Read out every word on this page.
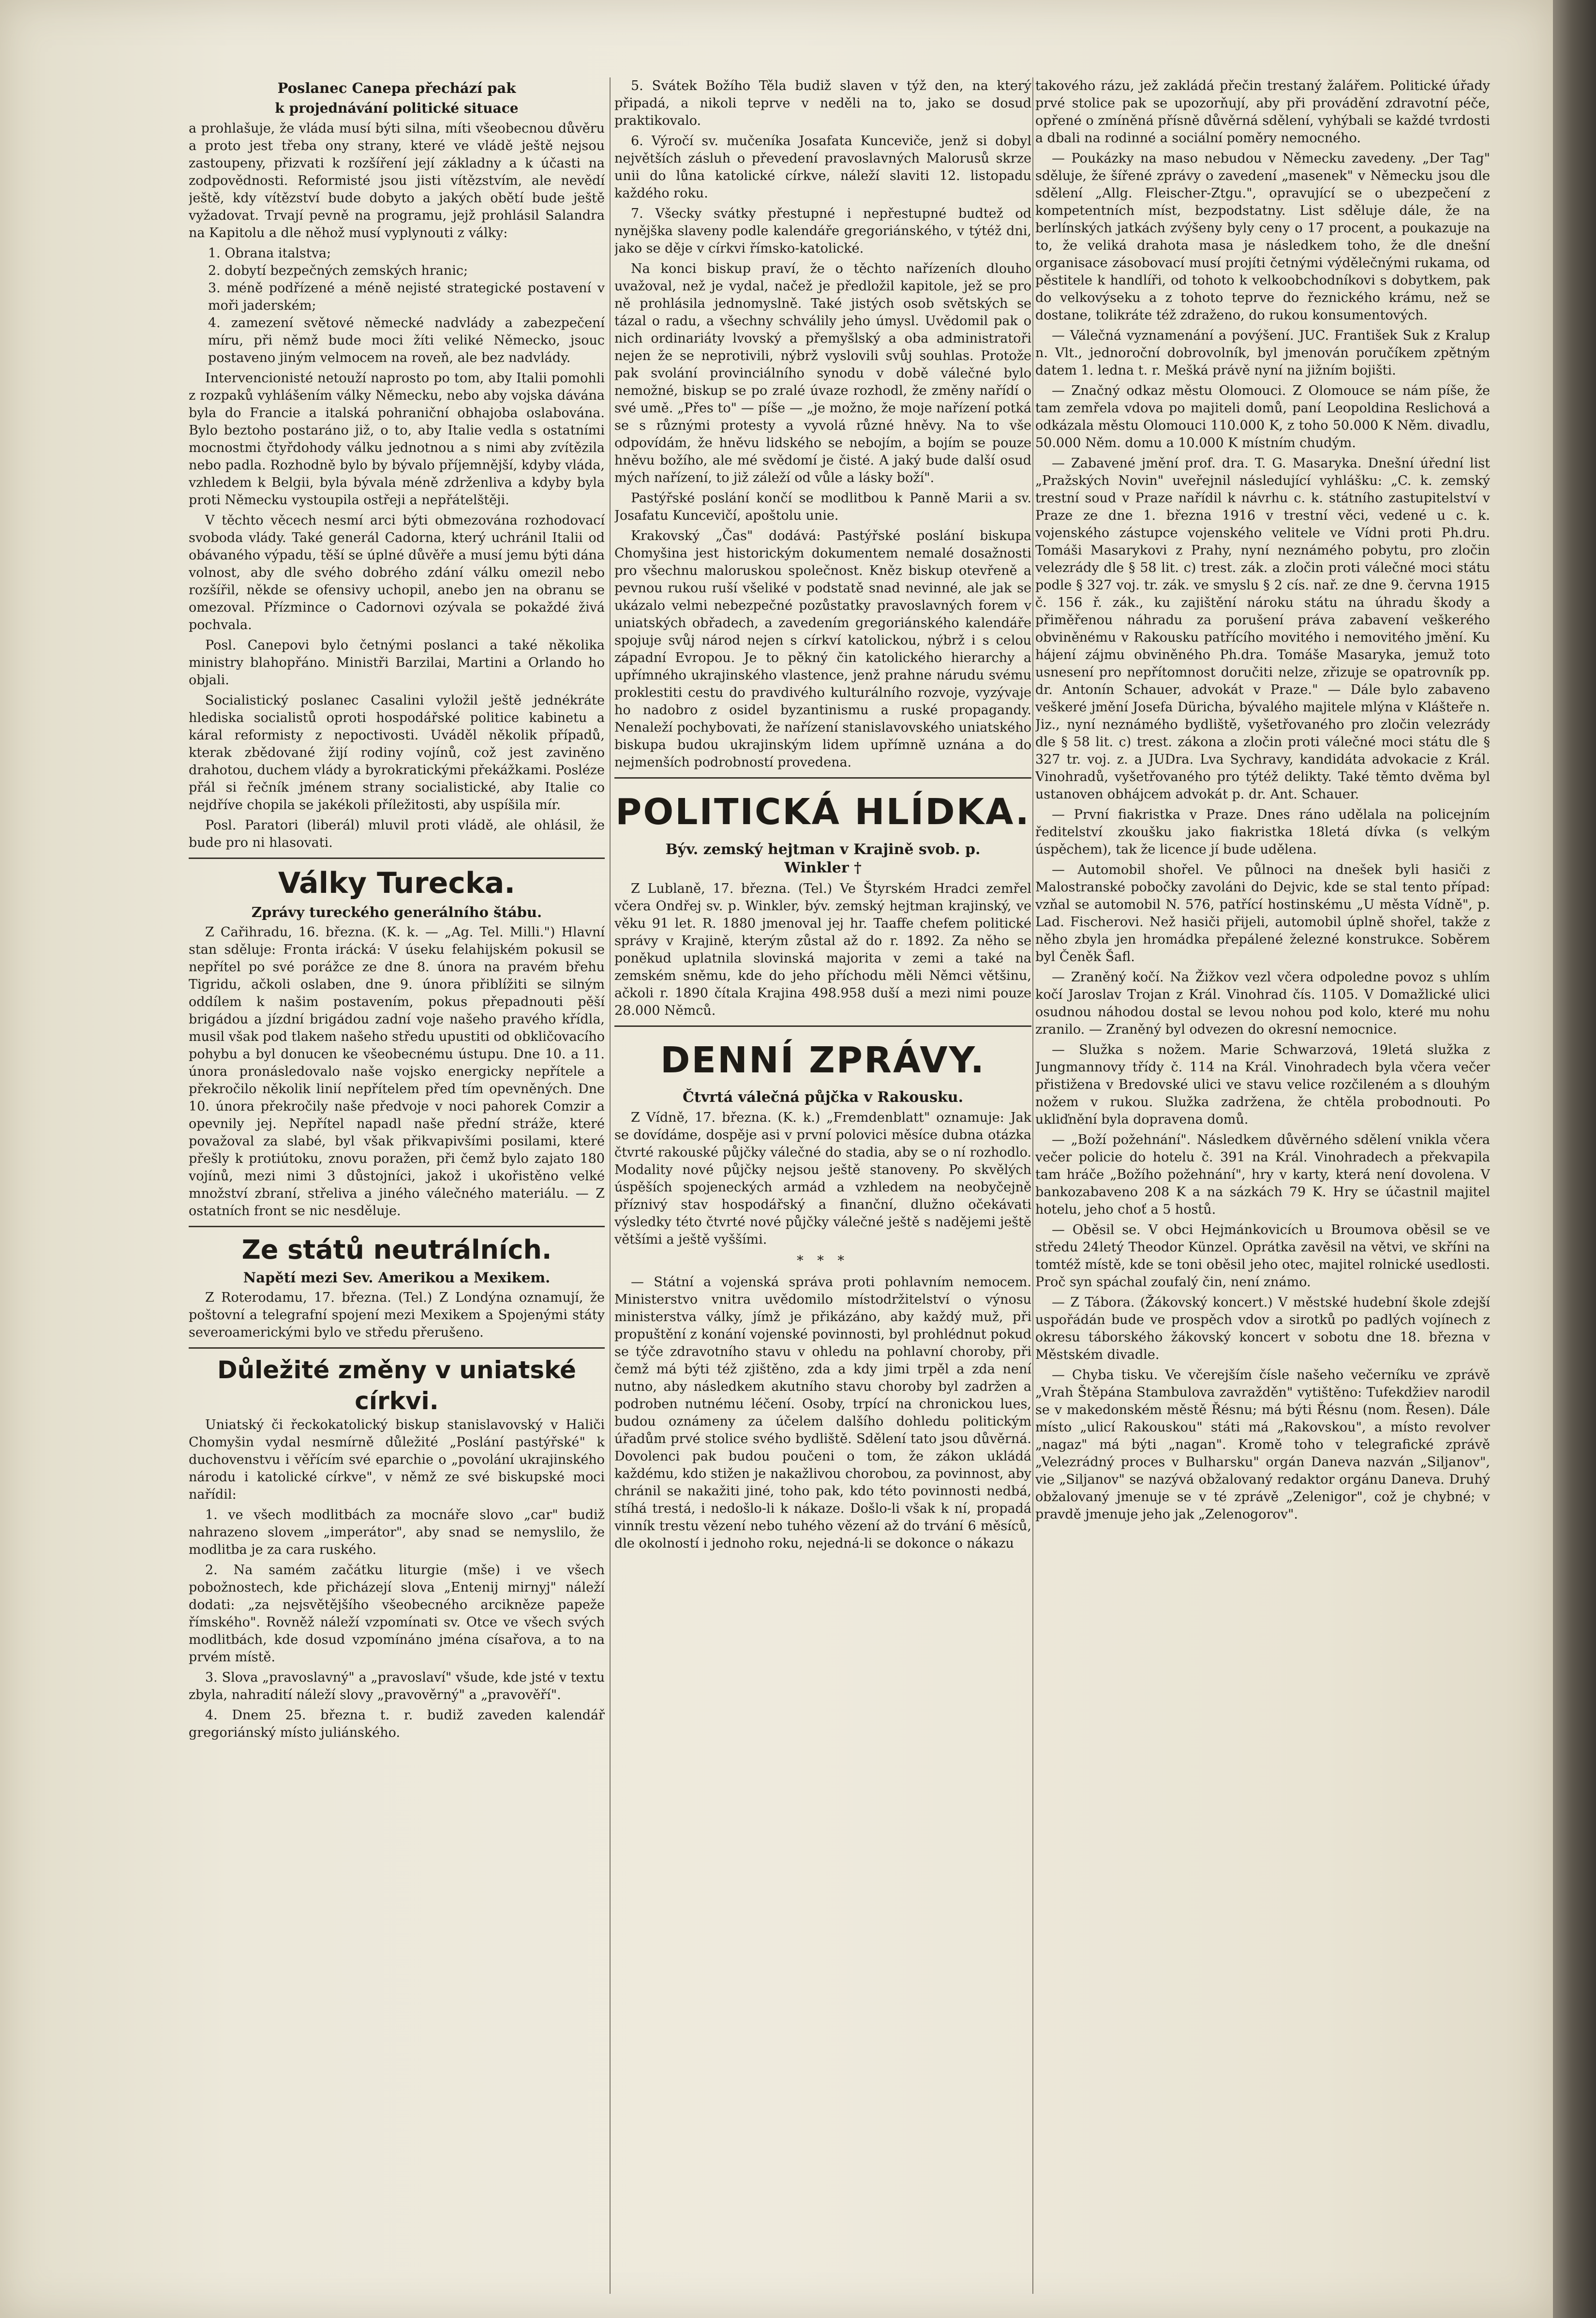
Poslanec Canepa přechází pak

k projednávání politické situace

a prohlašuje, že vláda musí býti silna, míti všeobecnou důvěru a proto jest třeba ony strany, které ve vládě ještě nejsou zastoupeny, přizvati k rozšíření její základny a k účasti na zodpovědnosti. Reformisté jsou jisti vítězstvím, ale nevědí ještě, kdy vítězství bude dobyto a jakých obětí bude ještě vyžadovat. Trvají pevně na programu, jejž prohlásil Salandra na Kapitolu a dle něhož musí vyplynouti z války:

1. Obrana italstva;
2. dobytí bezpečných zemských hranic;
3. méně podřízené a méně nejisté strategické postavení v moři jaderském;
4. zamezení světové německé nadvlády a zabezpečení míru, při němž bude moci žíti veliké Německo, jsouc postaveno jiným velmocem na roveň, ale bez nadvlády.

Intervencionisté netouží naprosto po tom, aby Italii pomohli z rozpaků vyhlášením války Německu, nebo aby vojska dávána byla do Francie a italská pohraniční obhajoba oslabována. Bylo beztoho postaráno již, o to, aby Italie vedla s ostatními mocnostmi čtyřdohody válku jednotnou a s nimi aby zvítězila nebo padla. Rozhodně bylo by bývalo příjemnější, kdyby vláda, vzhledem k Belgii, byla bývala méně zdrženliva a kdyby byla proti Německu vystoupila ostřeji a nepřátelštěji.

V těchto věcech nesmí arci býti obmezována rozhodovací svoboda vlády. Také generál Cadorna, který uchránil Italii od obávaného výpadu, těší se úplné důvěře a musí jemu býti dána volnost, aby dle svého dobrého zdání válku omezil nebo rozšířil, někde se ofensivy uchopil, anebo jen na obranu se omezoval. Přízmince o Cadornovi ozývala se pokaždé živá pochvala.

Posl. Canepovi bylo četnými poslanci a také několika ministry blahopřáno. Ministři Barzilai, Martini a Orlando ho objali.

Socialistický poslanec Casalini vyložil ještě jednékráte hlediska socialistů oproti hospodářské politice kabinetu a káral reformisty z nepoctivosti. Uváděl několik případů, kterak zbědované žijí rodiny vojínů, což jest zaviněno drahotou, duchem vlády a byrokratickými překážkami. Posléze přál si řečník jménem strany socialistické, aby Italie co nejdříve chopila se jakékoli příležitosti, aby uspíšila mír.

Posl. Paratori (liberál) mluvil proti vládě, ale ohlásil, že bude pro ni hlasovati.

Války Turecka.

Zprávy tureckého generálního štábu.

Z Cařihradu, 16. března. (K. k. — „Ag. Tel. Milli.") Hlavní stan sděluje: Fronta irácká: V úseku felahijském pokusil se nepřítel po své porážce ze dne 8. února na pravém břehu Tigridu, ačkoli oslaben, dne 9. února přiblížiti se silným oddílem k našim postavením, pokus přepadnouti pěší brigádou a jízdní brigádou zadní voje našeho pravého křídla, musil však pod tlakem našeho středu upustiti od obkličovacího pohybu a byl donucen ke všeobecnému ústupu. Dne 10. a 11. února pronásledovalo naše vojsko energicky nepřítele a překročilo několik linií nepřítelem před tím opevněných. Dne 10. února překročily naše předvoje v noci pahorek Comzir a opevnily jej. Nepřítel napadl naše přední stráže, které považoval za slabé, byl však přikvapivšími posilami, které přešly k protiútoku, znovu poražen, při čemž bylo zajato 180 vojínů, mezi nimi 3 důstojníci, jakož i ukořistěno velké množství zbraní, střeliva a jiného válečného materiálu. — Z ostatních front se nic nesděluje.

Ze států neutrálních.

Napětí mezi Sev. Amerikou a Mexikem.

Z Roterodamu, 17. března. (Tel.) Z Londýna oznamují, že poštovní a telegrafní spojení mezi Mexikem a Spojenými státy severoamerickými bylo ve středu přerušeno.

Důležité změny v uniatské církvi.

Uniatský či řeckokatolický biskup stanislavovský v Haliči Chomyšin vydal nesmírně důležité „Poslání pastýřské" k duchovenstvu i věřícím své eparchie o „povolání ukrajinského národu i katolické církve", v němž ze své biskupské moci nařídil:

1. ve všech modlitbách za mocnáře slovo „car" budiž nahrazeno slovem „imperátor", aby snad se nemyslilo, že modlitba je za cara ruského.

2. Na samém začátku liturgie (mše) i ve všech pobožnostech, kde přicházejí slova „Entenij mirnyj" náleží dodati: „za nejsvětějšího všeobecného arcikněze papeže římského". Rovněž náleží vzpomínati sv. Otce ve všech svých modlitbách, kde dosud vzpomínáno jména císařova, a to na prvém místě.

3. Slova „pravoslavný" a „pravoslaví" všude, kde jsté v textu zbyla, nahradití náleží slovy „pravověrný" a „pravověří".

4. Dnem 25. března t. r. budiž zaveden kalendář gregoriánský místo juliánského.

5. Svátek Božího Těla budiž slaven v týž den, na který připadá, a nikoli teprve v neděli na to, jako se dosud praktikovalo.

6. Výročí sv. mučeníka Josafata Kunceviče, jenž si dobyl největších zásluh o převedení pravoslavných Malorusů skrze unii do lůna katolické církve, náleží slaviti 12. listopadu každého roku.

7. Všecky svátky přestupné i nepřestupné budtež od nynějška slaveny podle kalendáře gregoriánského, v týtéž dni, jako se děje v církvi římsko-katolické.

Na konci biskup praví, že o těchto nařízeních dlouho uvažoval, než je vydal, načež je předložil kapitole, jež se pro ně prohlásila jednomyslně. Také jistých osob světských se tázal o radu, a všechny schválily jeho úmysl. Uvědomil pak o nich ordinariáty lvovský a přemyšlský a oba administratoři nejen že se neprotivili, nýbrž vyslovili svůj souhlas. Protože pak svolání provinciálního synodu v době válečné bylo nemožné, biskup se po zralé úvaze rozhodl, že změny nařídí o své umě. „Přes to" — píše — „je možno, že moje nařízení potká se s různými protesty a vyvolá různé hněvy. Na to vše odpovídám, že hněvu lidského se nebojím, a bojím se pouze hněvu božího, ale mé svědomí je čisté. A jaký bude další osud mých nařízení, to již záleží od vůle a lásky boží".

Pastýřské poslání končí se modlitbou k Panně Marii a sv. Josafatu Kuncevičí, apoštolu unie.

Krakovský „Čas" dodává: Pastýřské poslání biskupa Chomyšina jest historickým dokumentem nemalé dosažnosti pro všechnu maloruskou společnost. Kněz biskup otevřeně a pevnou rukou ruší všeliké v podstatě snad nevinné, ale jak se ukázalo velmi nebezpečné pozůstatky pravoslavných forem v uniatských obřadech, a zavedením gregoriánského kalendáře spojuje svůj národ nejen s církví katolickou, nýbrž i s celou západní Evropou. Je to pěkný čin katolického hierarchy a upřímného ukrajinského vlastence, jenž prahne nárudu svému proklestiti cestu do pravdivého kulturálního rozvoje, vyzývaje ho nadobro z osidel byzantinismu a ruské propagandy. Nenaleží pochybovati, že nařízení stanislavovského uniatského biskupa budou ukrajinským lidem upřímně uznána a do nejmenších podrobností provedena.

POLITICKÁ HLÍDKA.

Býv. zemský hejtman v Krajině svob. p. Winkler †

Z Lublaně, 17. března. (Tel.) Ve Štyrském Hradci zemřel včera Ondřej sv. p. Winkler, býv. zemský hejtman krajinský, ve věku 91 let. R. 1880 jmenoval jej hr. Taaffe chefem politické správy v Krajině, kterým zůstal až do r. 1892. Za něho se poněkud uplatnila slovinská majorita v zemi a také na zemském sněmu, kde do jeho příchodu měli Němci většinu, ačkoli r. 1890 čítala Krajina 498.958 duší a mezi nimi pouze 28.000 Němců.

DENNÍ ZPRÁVY.

Čtvrtá válečná půjčka v Rakousku.

Z Vídně, 17. března. (K. k.) „Fremdenblatt" oznamuje: Jak se dovídáme, dospěje asi v první polovici měsíce dubna otázka čtvrté rakouské půjčky válečné do stadia, aby se o ní rozhodlo. Modality nové půjčky nejsou ještě stanoveny. Po skvělých úspěších spojeneckých armád a vzhledem na neobyčejně příznivý stav hospodářský a finanční, dlužno očekávati výsledky této čtvrté nové půjčky válečné ještě s nadějemi ještě většími a ještě vyššími.

* * *

— Státní a vojenská správa proti pohlavním nemocem. Ministerstvo vnitra uvědomilo místodržitelství o výnosu ministerstva války, jímž je přikázáno, aby každý muž, při propuštění z konání vojenské povinnosti, byl prohlédnut pokud se týče zdravotního stavu v ohledu na pohlavní choroby, při čemž má býti též zjištěno, zda a kdy jimi trpěl a zda není nutno, aby následkem akutního stavu choroby byl zadržen a podroben nutnému léčení. Osoby, trpící na chronickou lues, budou oznámeny za účelem dalšího dohledu politickým úřadům prvé stolice svého bydliště. Sdělení tato jsou důvěrná. Dovolenci pak budou poučeni o tom, že zákon ukládá každému, kdo stižen je nakažlivou chorobou, za povinnost, aby chránil se nakažiti jiné, toho pak, kdo této povinnosti nedbá, stíhá trestá, i nedošlo-li k nákaze. Došlo-li však k ní, propadá vinník trestu vězení nebo tuhého vězení až do trvání 6 měsíců, dle okolností i jednoho roku, nejedná-li se dokonce o nákazu

takového rázu, jež zakládá přečin trestaný žalářem. Politické úřady prvé stolice pak se upozorňují, aby při provádění zdravotní péče, opřené o zmíněná přísně důvěrná sdělení, vyhýbali se každé tvrdosti a dbali na rodinné a sociální poměry nemocného.

— Poukázky na maso nebudou v Německu zavedeny. „Der Tag" sděluje, že šířené zprávy o zavedení „masenek" v Německu jsou dle sdělení „Allg. Fleischer-Ztgu.", opravující se o ubezpečení z kompetentních míst, bezpodstatny. List sděluje dále, že na berlínských jatkách zvýšeny byly ceny o 17 procent, a poukazuje na to, že veliká drahota masa je následkem toho, že dle dnešní organisace zásobovací musí projíti četnými výdělečnými rukama, od pěstitele k handlíři, od tohoto k velkoobchodníkovi s dobytkem, pak do velkovýseku a z tohoto teprve do řeznického krámu, než se dostane, tolikráte též zdraženo, do rukou konsumentových.

— Válečná vyznamenání a povýšení. JUC. František Suk z Kralup n. Vlt., jednoroční dobrovolník, byl jmenován poručíkem zpětným datem 1. ledna t. r. Mešká právě nyní na jižním bojišti.

— Značný odkaz městu Olomouci. Z Olomouce se nám píše, že tam zemřela vdova po majiteli domů, paní Leopoldina Reslichová a odkázala městu Olomouci 110.000 K, z toho 50.000 K Něm. divadlu, 50.000 Něm. domu a 10.000 K místním chudým.

— Zabavené jmění prof. dra. T. G. Masaryka. Dnešní úřední list „Pražských Novin" uveřejnil následující vyhlášku: „C. k. zemský trestní soud v Praze nařídil k návrhu c. k. státního zastupitelství v Praze ze dne 1. března 1916 v trestní věci, vedené u c. k. vojenského zástupce vojenského velitele ve Vídni proti Ph.dru. Tomáši Masarykovi z Prahy, nyní neznámého pobytu, pro zločin velezrády dle § 58 lit. c) trest. zák. a zločin proti válečné moci státu podle § 327 voj. tr. zák. ve smyslu § 2 cís. nař. ze dne 9. června 1915 č. 156 ř. zák., ku zajištění nároku státu na úhradu škody a přiměřenou náhradu za porušení práva zabavení veškerého obviněnému v Rakousku patřícího movitého i nemovitého jmění. Ku hájení zájmu obviněného Ph.dra. Tomáše Masaryka, jemuž toto usnesení pro nepřítomnost doručiti nelze, zřizuje se opatrovník pp. dr. Antonín Schauer, advokát v Praze." — Dále bylo zabaveno veškeré jmění Josefa Düricha, bývalého majitele mlýna v Klášteře n. Jiz., nyní neznámého bydliště, vyšetřovaného pro zločin velezrády dle § 58 lit. c) trest. zákona a zločin proti válečné moci státu dle § 327 tr. voj. z. a JUDra. Lva Sychravy, kandidáta advokacie z Král. Vinohradů, vyšetřovaného pro týtéž delikty. Také těmto dvěma byl ustanoven obhájcem advokát p. dr. Ant. Schauer.

— První fiakristka v Praze. Dnes ráno udělala na policejním ředitelství zkoušku jako fiakristka 18letá dívka (s velkým úspěchem), tak že licence jí bude udělena.

— Automobil shořel. Ve půlnoci na dnešek byli hasiči z Malostranské pobočky zavoláni do Dejvic, kde se stal tento případ: vzňal se automobil N. 576, patřící hostinskému „U města Vídně", p. Lad. Fischerovi. Než hasiči přijeli, automobil úplně shořel, takže z něho zbyla jen hromádka přepálené železné konstrukce. Soběrem byl Čeněk Šafl.

— Zraněný kočí. Na Žižkov vezl včera odpoledne povoz s uhlím kočí Jaroslav Trojan z Král. Vinohrad čís. 1105. V Domažlické ulici osudnou náhodou dostal se levou nohou pod kolo, které mu nohu zranilo. — Zraněný byl odvezen do okresní nemocnice.

— Služka s nožem. Marie Schwarzová, 19letá služka z Jungmannovy třídy č. 114 na Král. Vinohradech byla včera večer přistižena v Bredovské ulici ve stavu velice rozčileném a s dlouhým nožem v rukou. Služka zadržena, že chtěla probodnouti. Po ukliďnění byla dopravena domů.

— „Boží požehnání". Následkem důvěrného sdělení vnikla včera večer policie do hotelu č. 391 na Král. Vinohradech a překvapila tam hráče „Božího požehnání", hry v karty, která není dovolena. V bankozabaveno 208 K a na sázkách 79 K. Hry se účastnil majitel hotelu, jeho choť a 5 hostů.

— Oběsil se. V obci Hejmánkovicích u Broumova oběsil se ve středu 24letý Theodor Künzel. Oprátka zavěsil na větvi, ve skříni na tomtéž místě, kde se toni oběsil jeho otec, majitel rolnické usedlosti. Proč syn spáchal zoufalý čin, není známo.

— Z Tábora. (Žákovský koncert.) V městské hudební škole zdejší uspořádán bude ve prospěch vdov a sirotků po padlých vojínech z okresu táborského žákovský koncert v sobotu dne 18. března v Městském divadle.

— Chyba tisku. Ve včerejším čísle našeho večerníku ve zprávě „Vrah Štěpána Stambulova zavražděn" vytištěno: Tufekdžiev narodil se v makedonském městě Řésnu; má býti Řésnu (nom. Řesen). Dále místo „ulicí Rakouskou" státi má „Rakovskou", a místo revolver „nagaz" má býti „nagan". Kromě toho v telegrafické zprávě „Velezrádný proces v Bulharsku" orgán Daneva nazván „Siljanov", vie „Siljanov" se nazývá obžalovaný redaktor orgánu Daneva. Druhý obžalovaný jmenuje se v té zprávě „Zelenigor", což je chybné; v pravdě jmenuje jeho jak „Zelenogorov".
